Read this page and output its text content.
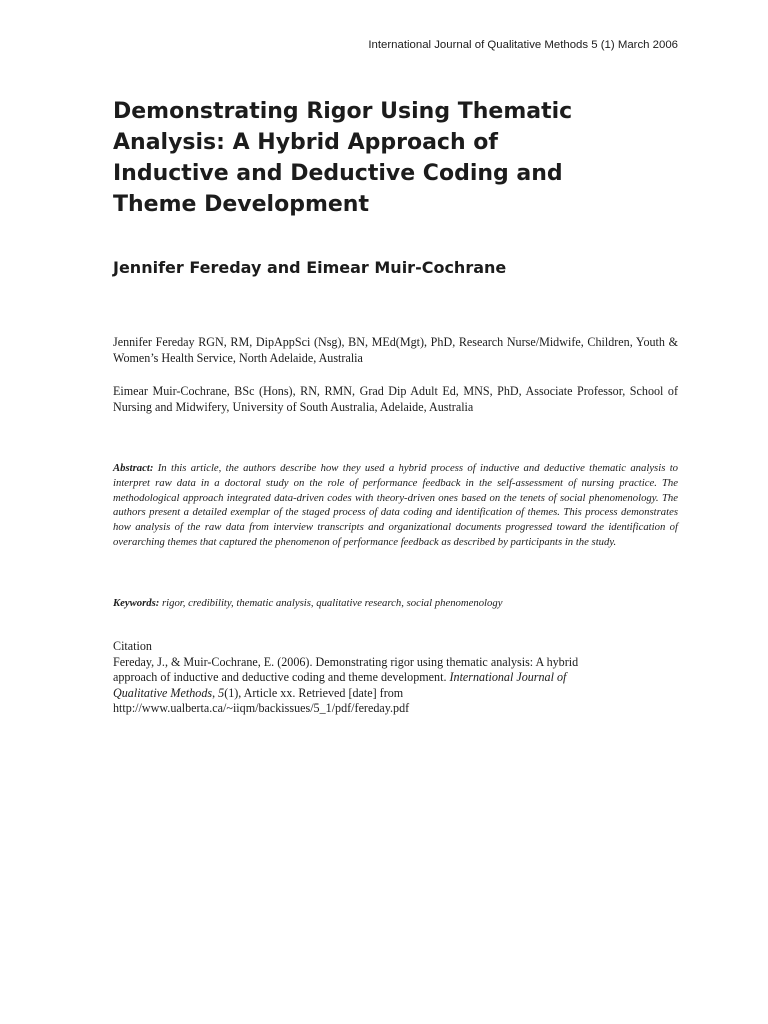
International Journal of Qualitative Methods 5 (1) March 2006
Demonstrating Rigor Using Thematic
Analysis: A Hybrid Approach of
Inductive and Deductive Coding and
Theme Development
Jennifer Fereday and Eimear Muir-Cochrane

Jennifer Fereday RGN, RM, DipAppSci (Nsg), BN, MEd(Mgt), PhD, Research Nurse/Midwife, Children, Youth & Women’s Health Service, North Adelaide, Australia

Eimear Muir-Cochrane, BSc (Hons), RN, RMN, Grad Dip Adult Ed, MNS, PhD, Associate Professor, School of Nursing and Midwifery, University of South Australia, Adelaide, Australia

Abstract: In this article, the authors describe how they used a hybrid process of inductive and deductive thematic analysis to interpret raw data in a doctoral study on the role of performance feedback in the self-assessment of nursing practice. The methodological approach integrated data-driven codes with theory-driven ones based on the tenets of social phenomenology. The authors present a detailed exemplar of the staged process of data coding and identification of themes. This process demonstrates how analysis of the raw data from interview transcripts and organizational documents progressed toward the identification of overarching themes that captured the phenomenon of performance feedback as described by participants in the study.

Keywords: rigor, credibility, thematic analysis, qualitative research, social phenomenology

Citation
Fereday, J., & Muir-Cochrane, E. (2006). Demonstrating rigor using thematic analysis: A hybrid
approach of inductive and deductive coding and theme development. International Journal of
Qualitative Methods, 5(1), Article xx. Retrieved [date] from
http://www.ualberta.ca/~iiqm/backissues/5_1/pdf/fereday.pdf
